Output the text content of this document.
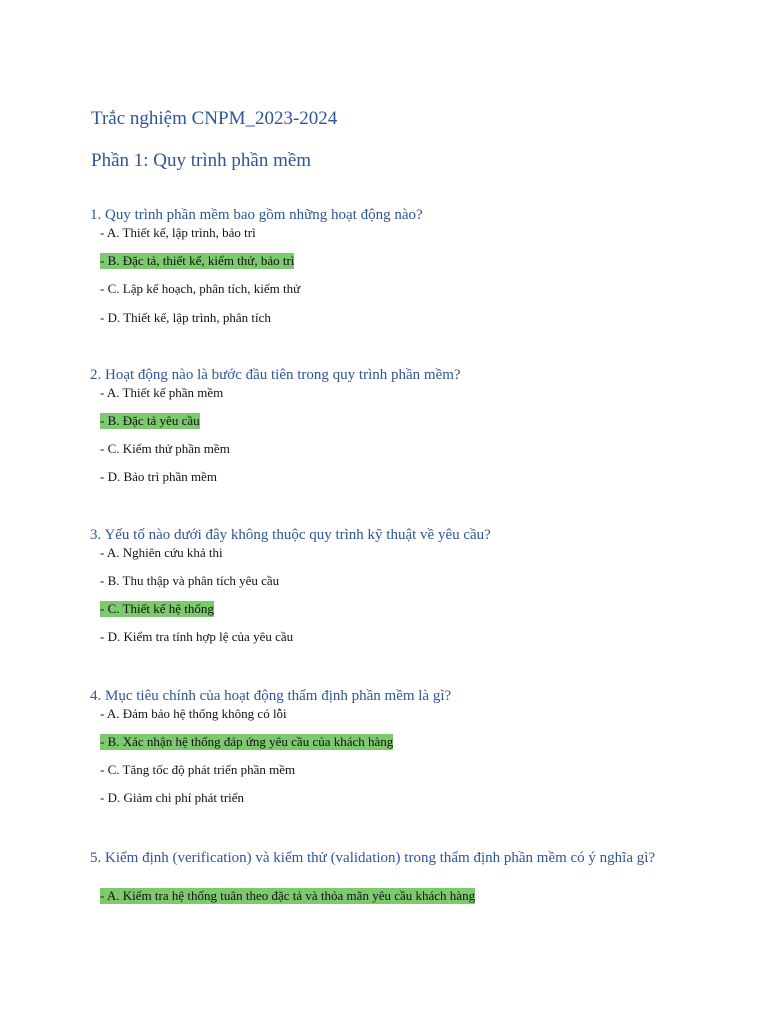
Trắc nghiệm CNPM_2023-2024
Phần 1: Quy trình phần mềm
1. Quy trình phần mềm bao gồm những hoạt động nào?
- A. Thiết kế, lập trình, bảo trì
- B. Đặc tả, thiết kế, kiểm thử, bảo trì
- C. Lập kế hoạch, phân tích, kiểm thử
- D. Thiết kế, lập trình, phân tích
2. Hoạt động nào là bước đầu tiên trong quy trình phần mềm?
- A. Thiết kế phần mềm
- B. Đặc tả yêu cầu
- C. Kiểm thử phần mềm
- D. Bảo trì phần mềm
3. Yếu tố nào dưới đây không thuộc quy trình kỹ thuật về yêu cầu?
- A. Nghiên cứu khả thi
- B. Thu thập và phân tích yêu cầu
- C. Thiết kế hệ thống
- D. Kiểm tra tính hợp lệ của yêu cầu
4. Mục tiêu chính của hoạt động thẩm định phần mềm là gì?
- A. Đảm bảo hệ thống không có lỗi
- B. Xác nhận hệ thống đáp ứng yêu cầu của khách hàng
- C. Tăng tốc độ phát triển phần mềm
- D. Giảm chi phí phát triển
5. Kiểm định (verification) và kiểm thử (validation) trong thẩm định phần mềm có ý nghĩa gì?
- A. Kiểm tra hệ thống tuân theo đặc tả và thỏa mãn yêu cầu khách hàng
